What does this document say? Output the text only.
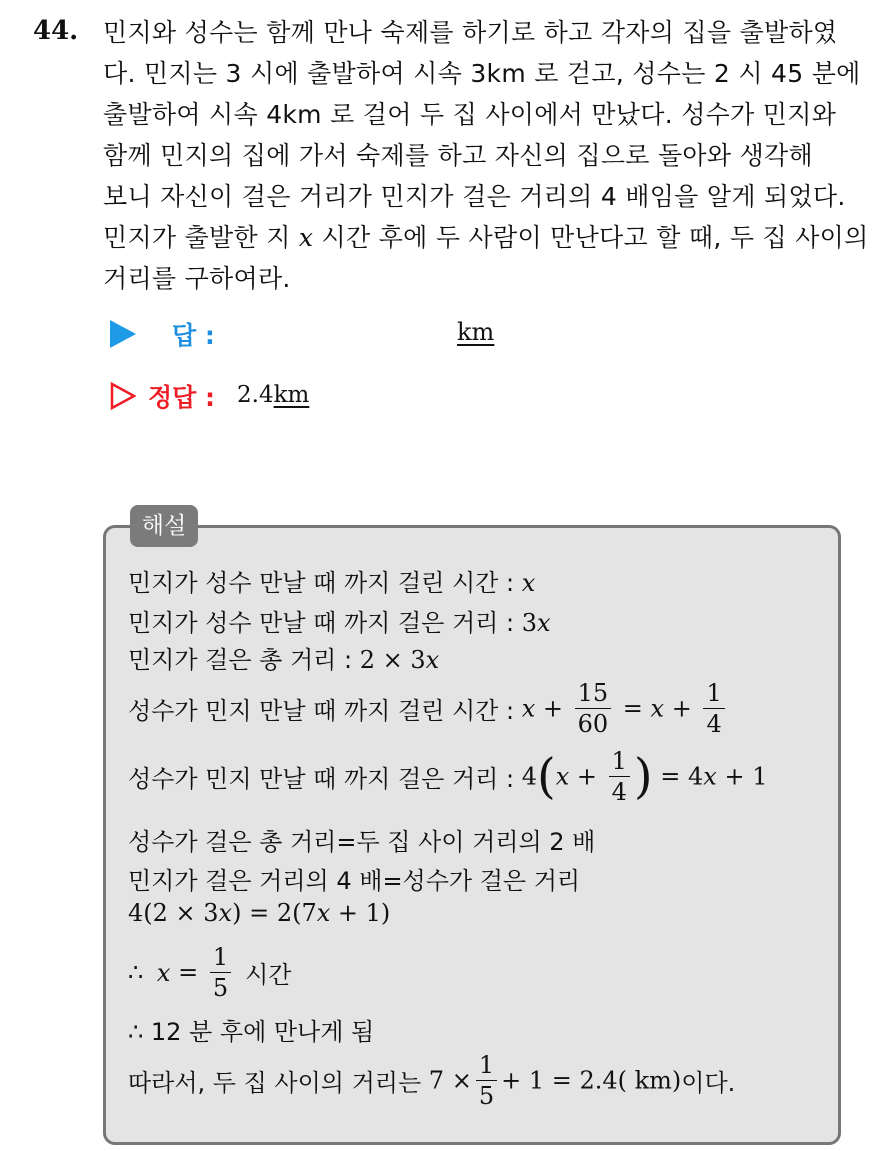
44. 민지와 성수는 함께 만나 숙제를 하기로 하고 각자의 집을 출발하였
다. 민지는 3 시에 출발하여 시속 3km 로 걷고, 성수는 2 시 45 분에
출발하여 시속 4km 로 걸어 두 집 사이에서 만났다. 성수가 민지와
함께 민지의 집에 가서 숙제를 하고 자신의 집으로 돌아와 생각해
보니 자신이 걸은 거리가 민지가 걸은 거리의 4 배임을 알게 되었다.
민지가 출발한 지 x 시간 후에 두 사람이 만난다고 할 때, 두 집 사이의
거리를 구하여라.
답 :	km
정답 : 2.4km
해설
민지가 성수 만날 때 까지 걸린 시간 : x
민지가 성수 만날 때 까지 걸은 거리 : 3x
민지가 걸은 총 거리 : 2 × 3x
성수가 민지 만날 때 까지 걸린 시간 : $x + \frac{15}{60} = x + \frac{1}{4}$
성수가 민지 만날 때 까지 걸은 거리 : $4(x + \frac{1}{4}$ ) = 4x + 1
성수가 걸은 총 거리=두 집 사이 거리의 2 배
민지가 걸은 거리의 4 배=성수가 걸은 거리
4(2 × 3x) = 2(7x + 1)
∴ $x = \frac{1}{5}$ 시간
∴ 12 분 후에 만나게 됨
따라서, 두 집 사이의 거리는 $7 \times \frac{1}{5} + 1 = 2.4$( km)이다.
